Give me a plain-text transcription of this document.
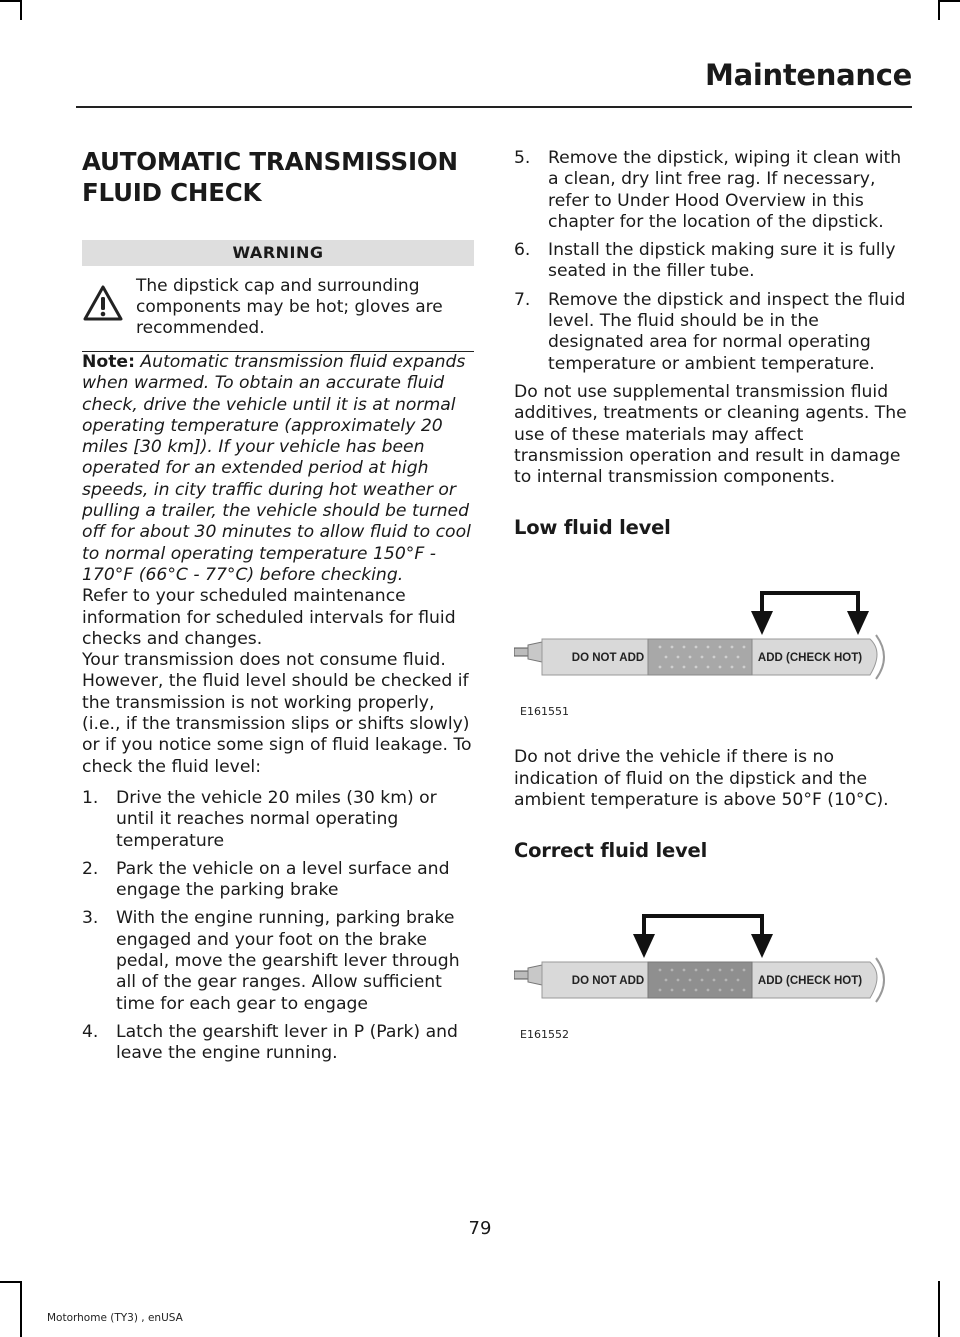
Maintenance
AUTOMATIC TRANSMISSION
FLUID CHECK
WARNING

The dipstick cap and surrounding components may be hot; gloves are recommended.

Note: Automatic transmission fluid expands when warmed. To obtain an accurate fluid check, drive the vehicle until it is at normal operating temperature (approximately 20 miles [30 km]). If your vehicle has been operated for an extended period at high speeds, in city traffic during hot weather or pulling a trailer, the vehicle should be turned off for about 30 minutes to allow fluid to cool to normal operating temperature 150°F - 170°F (66°C - 77°C) before checking.

Refer to your scheduled maintenance information for scheduled intervals for fluid checks and changes.

Your transmission does not consume fluid. However, the fluid level should be checked if the transmission is not working properly, (i.e., if the transmission slips or shifts slowly) or if you notice some sign of fluid leakage. To check the fluid level:

1. Drive the vehicle 20 miles (30 km) or until it reaches normal operating temperature
2. Park the vehicle on a level surface and engage the parking brake
3. With the engine running, parking brake engaged and your foot on the brake pedal, move the gearshift lever through all of the gear ranges. Allow sufficient time for each gear to engage
4. Latch the gearshift lever in P (Park) and leave the engine running.
5. Remove the dipstick, wiping it clean with a clean, dry lint free rag. If necessary, refer to Under Hood Overview in this chapter for the location of the dipstick.
6. Install the dipstick making sure it is fully seated in the filler tube.
7. Remove the dipstick and inspect the fluid level. The fluid should be in the designated area for normal operating temperature or ambient temperature.

Do not use supplemental transmission fluid additives, treatments or cleaning agents. The use of these materials may affect transmission operation and result in damage to internal transmission components.

Low fluid level
DO NOT ADD	ADD (CHECK HOT)
E161551

Do not drive the vehicle if there is no indication of fluid on the dipstick and the ambient temperature is above 50°F (10°C).

Correct fluid level
DO NOT ADD	ADD (CHECK HOT)
E161552
79
Motorhome (TY3) , enUSA
